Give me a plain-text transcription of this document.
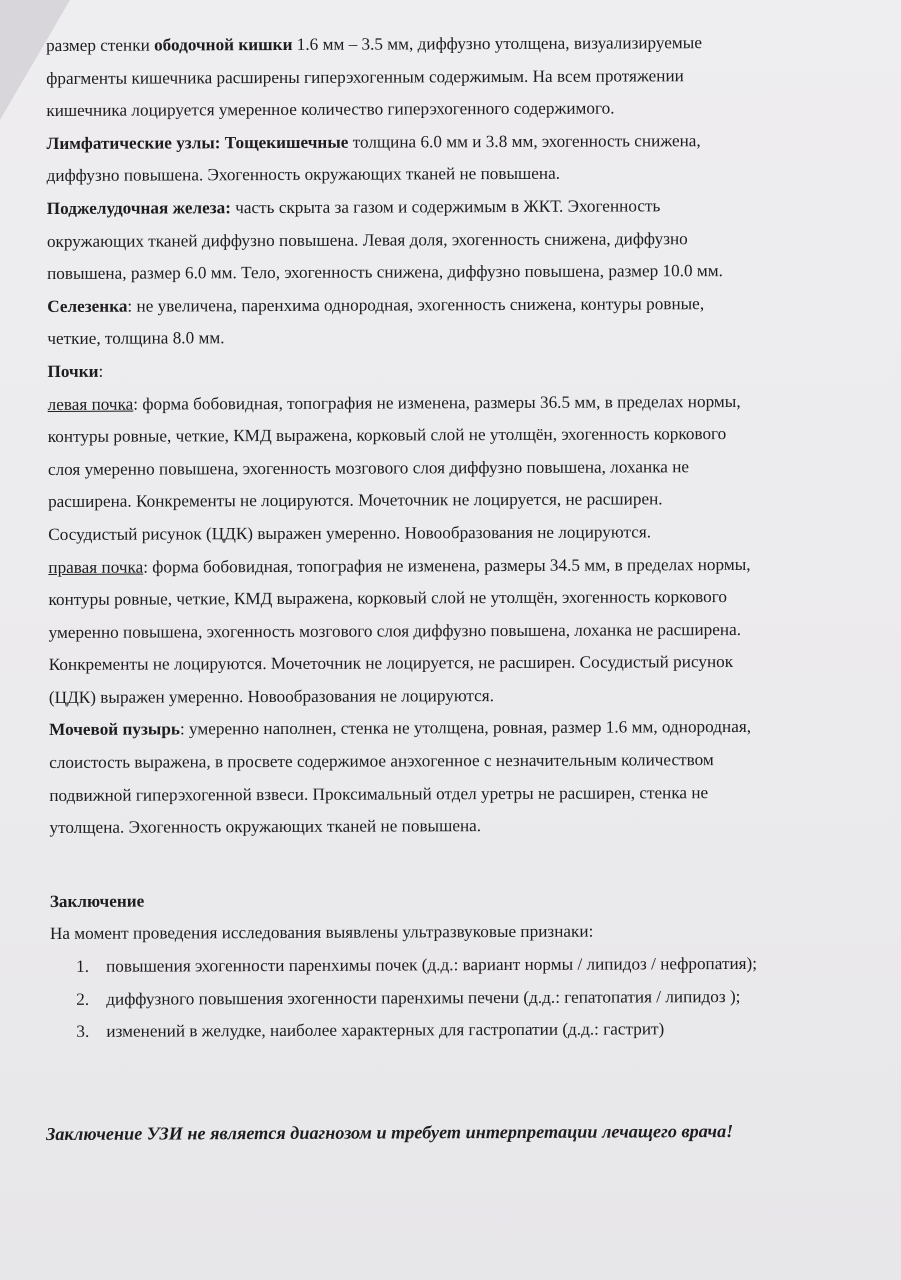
размер стенки ободочной кишки 1.6 мм – 3.5 мм, диффузно утолщена, визуализируемые
фрагменты кишечника расширены гиперэхогенным содержимым. На всем протяжении
кишечника лоцируется умеренное количество гиперэхогенного содержимого.
Лимфатические узлы: Тощекишечные толщина 6.0 мм и 3.8 мм, эхогенность снижена,
диффузно повышена. Эхогенность окружающих тканей не повышена.
Поджелудочная железа: часть скрыта за газом и содержимым в ЖКТ. Эхогенность
окружающих тканей диффузно повышена. Левая доля, эхогенность снижена, диффузно
повышена, размер 6.0 мм. Тело, эхогенность снижена, диффузно повышена, размер 10.0 мм.
Селезенка: не увеличена, паренхима однородная, эхогенность снижена, контуры ровные,
четкие, толщина 8.0 мм.
Почки:
левая почка: форма бобовидная, топография не изменена, размеры 36.5 мм, в пределах нормы,
контуры ровные, четкие, КМД выражена, корковый слой не утолщён, эхогенность коркового
слоя умеренно повышена, эхогенность мозгового слоя диффузно повышена, лоханка не
расширена. Конкременты не лоцируются. Мочеточник не лоцируется, не расширен.
Сосудистый рисунок (ЦДК) выражен умеренно. Новообразования не лоцируются.
правая почка: форма бобовидная, топография не изменена, размеры 34.5 мм, в пределах нормы,
контуры ровные, четкие, КМД выражена, корковый слой не утолщён, эхогенность коркового
умеренно повышена, эхогенность мозгового слоя диффузно повышена, лоханка не расширена.
Конкременты не лоцируются. Мочеточник не лоцируется, не расширен. Сосудистый рисунок
(ЦДК) выражен умеренно. Новообразования не лоцируются.
Мочевой пузырь: умеренно наполнен, стенка не утолщена, ровная, размер 1.6 мм, однородная,
слоистость выражена, в просвете содержимое анэхогенное с незначительным количеством
подвижной гиперэхогенной взвеси. Проксимальный отдел уретры не расширен, стенка не
утолщена. Эхогенность окружающих тканей не повышена.
Заключение
На момент проведения исследования выявлены ультразвуковые признаки:
1. повышения эхогенности паренхимы почек (д.д.: вариант нормы / липидоз / нефропатия);
2. диффузного повышения эхогенности паренхимы печени (д.д.: гепатопатия / липидоз );
3. изменений в желудке, наиболее характерных для гастропатии (д.д.: гастрит)
Заключение УЗИ не является диагнозом и требует интерпретации лечащего врача!
